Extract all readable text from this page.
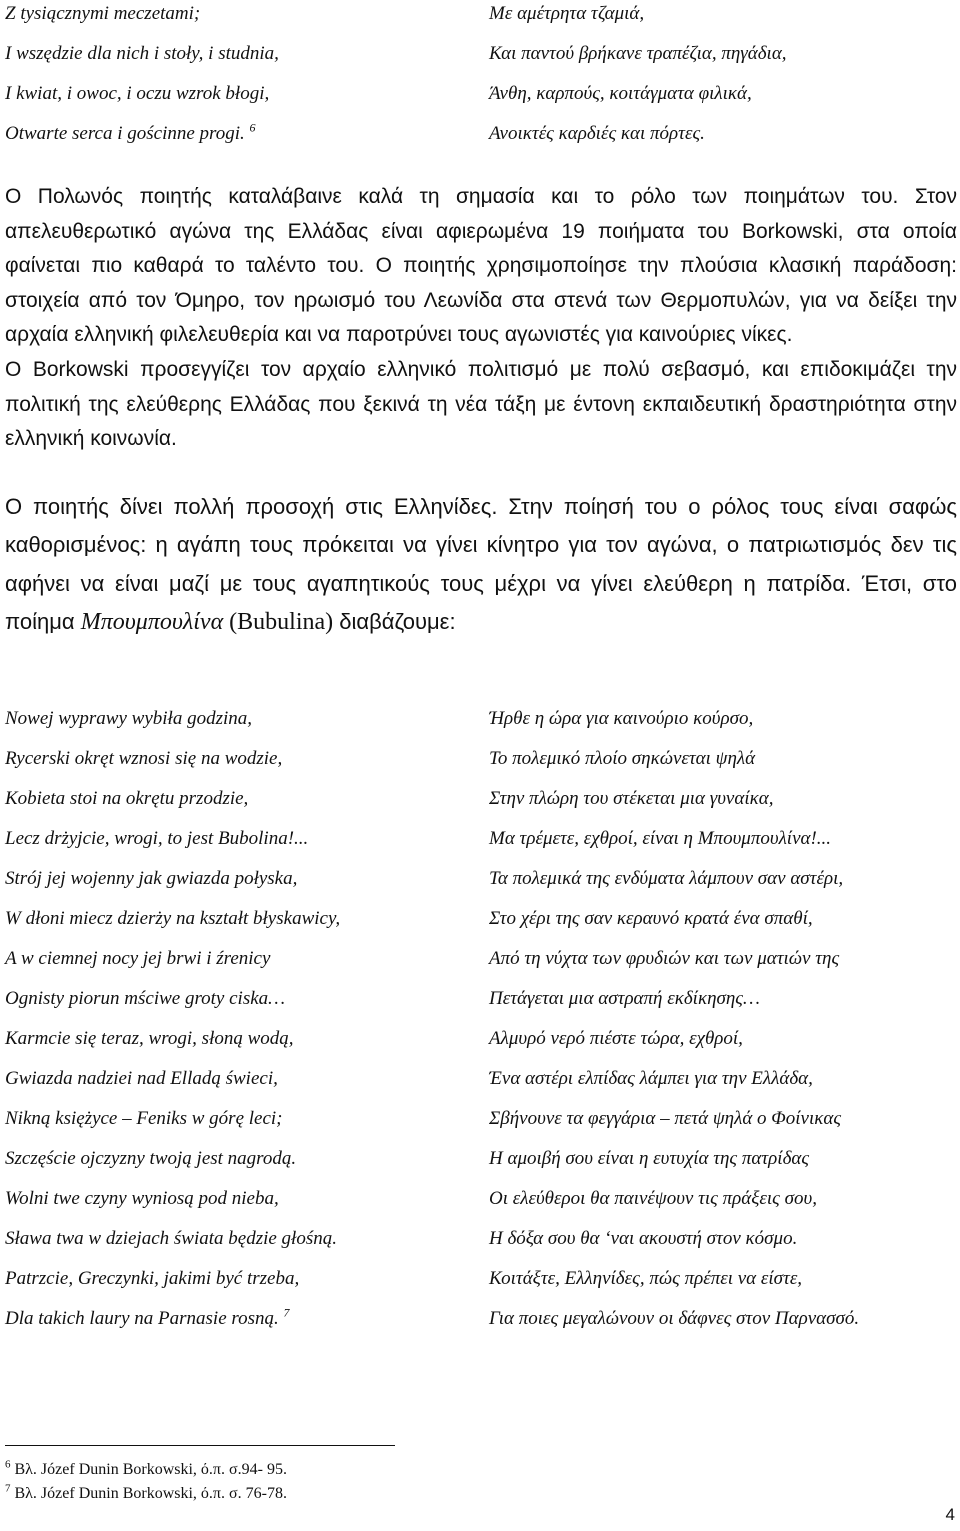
Z tysiącznymi meczetami;
I wszędzie dla nich i stoły, i studnia,
I kwiat, i owoc, i oczu wzrok błogi,
Otwarte serca i gościnne progi. $^6$
Με αμέτρητα τζαμιά,
Και παντού βρήκανε τραπέζια, πηγάδια,
Άνθη, καρπούς, κοιτάγματα φιλικά,
Ανοικτές καρδιές και πόρτες.

Ο Πολωνός ποιητής καταλάβαινε καλά τη σημασία και το ρόλο των ποιημάτων του. Στον απελευθερωτικό αγώνα της Ελλάδας είναι αφιερωμένα 19 ποιήματα του Borkowski, στα οποία φαίνεται πιο καθαρά το ταλέντο του. Ο ποιητής χρησιμοποίησε την πλούσια κλασική παράδοση: στοιχεία από τον Όμηρο, τον ηρωισμό του Λεωνίδα στα στενά των Θερμοπυλών, για να δείξει την αρχαία ελληνική φιλελευθερία και να παροτρύνει τους αγωνιστές για καινούριες νίκες.

Ο Borkowski προσεγγίζει τον αρχαίο ελληνικό πολιτισμό με πολύ σεβασμό, και επιδοκιμάζει την πολιτική της ελεύθερης Ελλάδας που ξεκινά τη νέα τάξη με έντονη εκπαιδευτική δραστηριότητα στην ελληνική κοινωνία.

Ο ποιητής δίνει πολλή προσοχή στις Ελληνίδες. Στην ποίησή του ο ρόλος τους είναι σαφώς καθορισμένος: η αγάπη τους πρόκειται να γίνει κίνητρο για τον αγώνα, ο πατριωτισμός δεν τις αφήνει να είναι μαζί με τους αγαπητικούς τους μέχρι να γίνει ελεύθερη η πατρίδα. Έτσι, στο ποίημα Μπουμπουλίνα (Bubulina) διαβάζουμε:

Nowej wyprawy wybiła godzina,
Rycerski okręt wznosi się na wodzie,
Kobieta stoi na okrętu przodzie,
Lecz drżyjcie, wrogi, to jest Bubolina!...
Strój jej wojenny jak gwiazda połyska,
W dłoni miecz dzierży na kształt błyskawicy,
A w ciemnej nocy jej brwi i źrenicy
Ognisty piorun mściwe groty ciska…
Karmcie się teraz, wrogi, słoną wodą,
Gwiazda nadziei nad Elladą świeci,
Nikną księżyce – Feniks w górę leci;
Szczęście ojczyzny twoją jest nagrodą.
Wolni twe czyny wyniosą pod nieba,
Sława twa w dziejach świata będzie głośną.
Patrzcie, Greczynki, jakimi być trzeba,
Dla takich laury na Parnasie rosną. $^7$
Ήρθε η ώρα για καινούριο κούρσο,
Το πολεμικό πλοίο σηκώνεται ψηλά
Στην πλώρη του στέκεται μια γυναίκα,
Μα τρέμετε, εχθροί, είναι η Μπουμπουλίνα!...
Τα πολεμικά της ενδύματα λάμπουν σαν αστέρι,
Στο χέρι της σαν κεραυνό κρατά ένα σπαθί,
Από τη νύχτα των φρυδιών και των ματιών της
Πετάγεται μια αστραπή εκδίκησης…
Αλμυρό νερό πιέστε τώρα, εχθροί,
Ένα αστέρι ελπίδας λάμπει για την Ελλάδα,
Σβήνουνε τα φεγγάρια – πετά ψηλά ο Φοίνικας
Η αμοιβή σου είναι η ευτυχία της πατρίδας
Οι ελεύθεροι θα παινέψουν τις πράξεις σου,
Η δόξα σου θα ‘ναι ακουστή στον κόσμο.
Κοιτάξτε, Ελληνίδες, πώς πρέπει να είστε,
Για ποιες μεγαλώνουν οι δάφνες στον Παρνασσό.
$^6$ Βλ. Józef Dunin Borkowski, ό.π. σ.94- 95.
$^7$ Βλ. Józef Dunin Borkowski, ό.π. σ. 76-78.
4
